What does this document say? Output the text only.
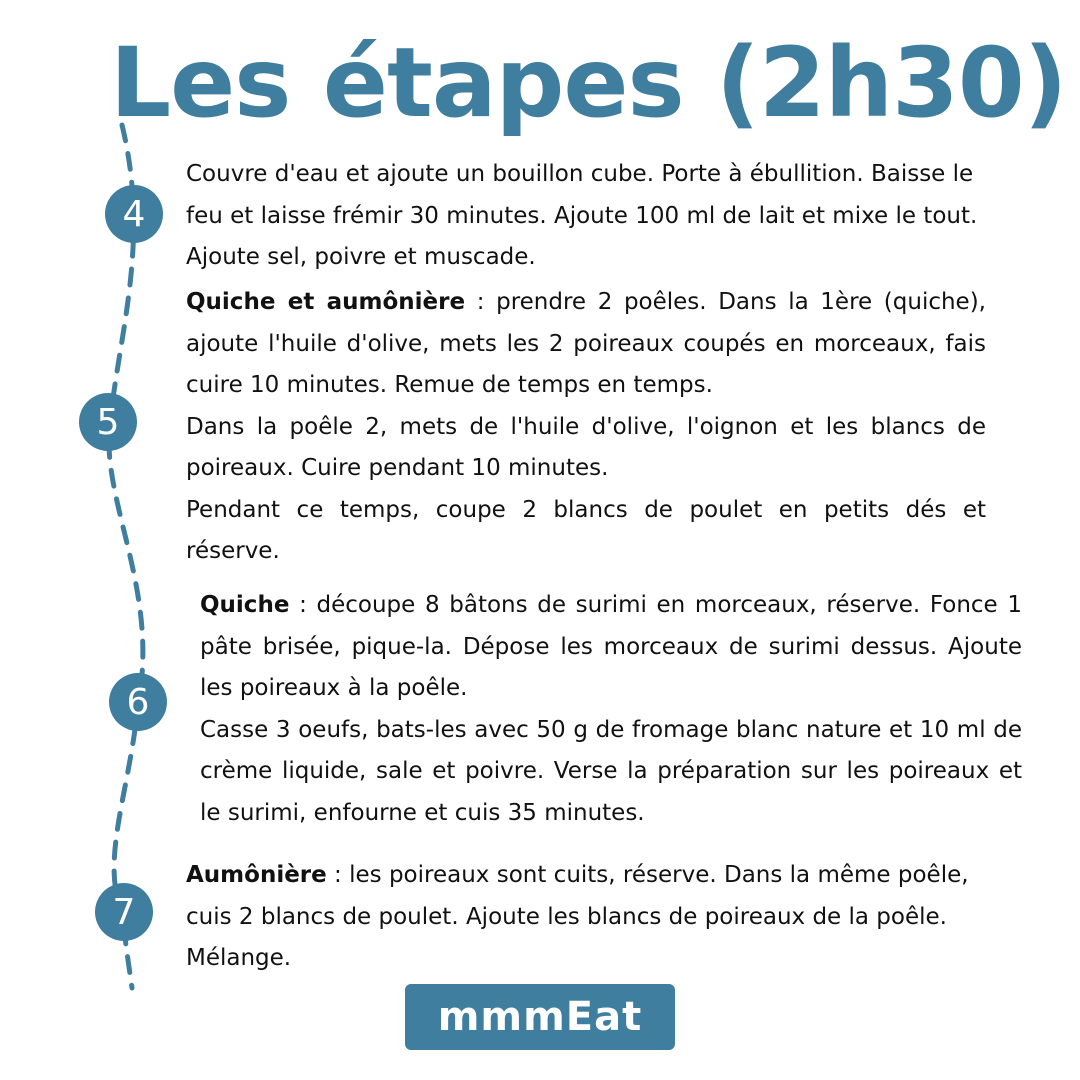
Les étapes (2h30)
4
5
6
7

Couvre d'eau et ajoute un bouillon cube. Porte à ébullition. Baisse le feu et laisse frémir 30 minutes. Ajoute 100 ml de lait et mixe le tout. Ajoute sel, poivre et muscade.

Quiche et aumônière : prendre 2 poêles. Dans la 1ère (quiche), ajoute l'huile d'olive, mets les 2 poireaux coupés en morceaux, fais cuire 10 minutes. Remue de temps en temps.

Dans la poêle 2, mets de l'huile d'olive, l'oignon et les blancs de poireaux. Cuire pendant 10 minutes.

Pendant ce temps, coupe 2 blancs de poulet en petits dés et réserve.

Quiche : découpe 8 bâtons de surimi en morceaux, réserve. Fonce 1 pâte brisée, pique-la. Dépose les morceaux de surimi dessus. Ajoute les poireaux à la poêle.

Casse 3 oeufs, bats-les avec 50 g de fromage blanc nature et 10 ml de crème liquide, sale et poivre. Verse la préparation sur les poireaux et le surimi, enfourne et cuis 35 minutes.

Aumônière : les poireaux sont cuits, réserve. Dans la même poêle, cuis 2 blancs de poulet. Ajoute les blancs de poireaux de la poêle. Mélange.

mmmEat
